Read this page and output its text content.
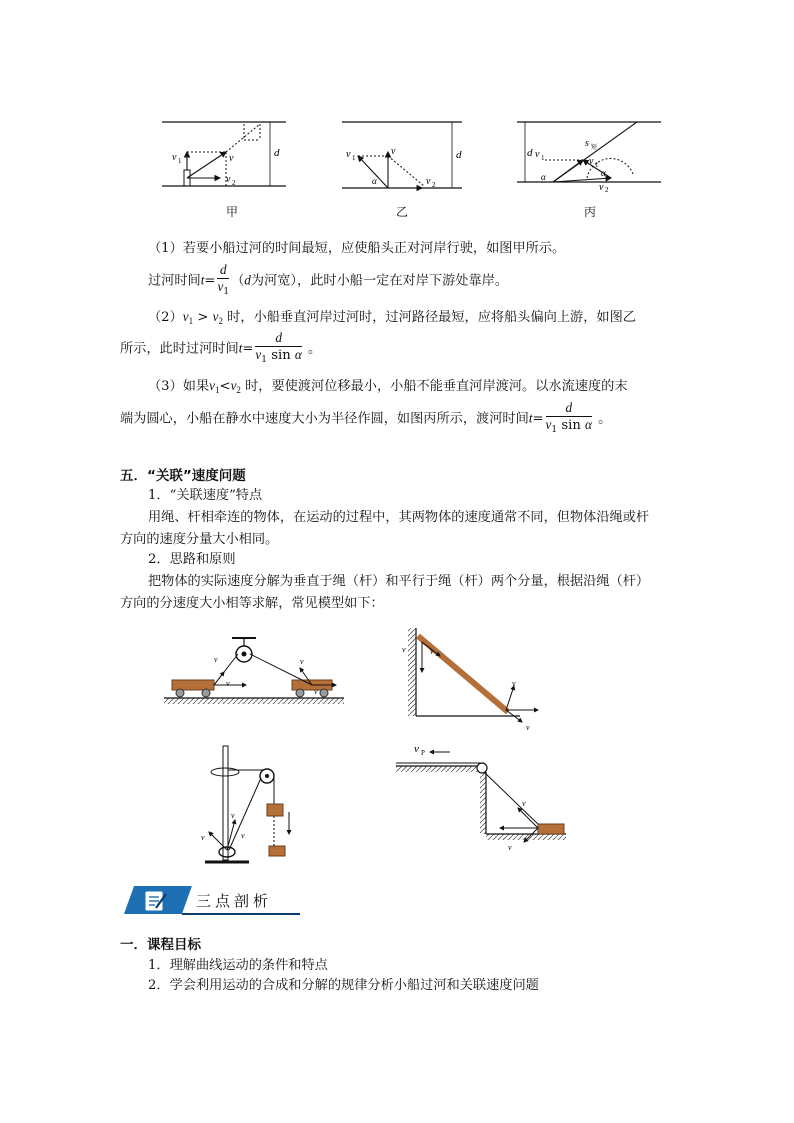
v 1	v
v 2
d
甲
v 1
v
v 2
α
d
乙
v 1	v 1
v 2
s 短
α	α
d
丙
（1）若要小船过河的时间最短，应使船头正对河岸行驶，如图甲所示。
过河时间$t= \frac{d}{v_1} (d$为河宽），此时小船一定在对岸下游处靠岸。
$(2)v_1 > v_2$ 时，小船垂直河岸过河时，过河路径最短，应将船头偏向上游，如图乙
所示，此时过河时间$t= \frac{d}{v_1 \sin \alpha}$ 。
（3）如果$v_1<v_2$ 时，要使渡河位移最小，小船不能垂直河岸渡河。以水流速度的末
端为圆心，小船在静水中速度大小为半径作圆，如图丙所示，渡河时间$t= \frac{d}{v_1 \sin \alpha}$ 。
五．“关联”速度问题
1．“关联速度”特点
用绳、杆相牵连的物体，在运动的过程中，其两物体的速度通常不同，但物体沿绳或杆
方向的速度分量大小相同。
2．思路和原则
把物体的实际速度分解为垂直于绳（杆）和平行于绳（杆）两个分量，根据沿绳（杆）
方向的分速度大小相等求解，常见模型如下：
v
v
v
v
v	v
v
v
v
v
v
v P
v
v
三点剖析
一．课程目标
1．理解曲线运动的条件和特点
2．学会利用运动的合成和分解的规律分析小船过河和关联速度问题
